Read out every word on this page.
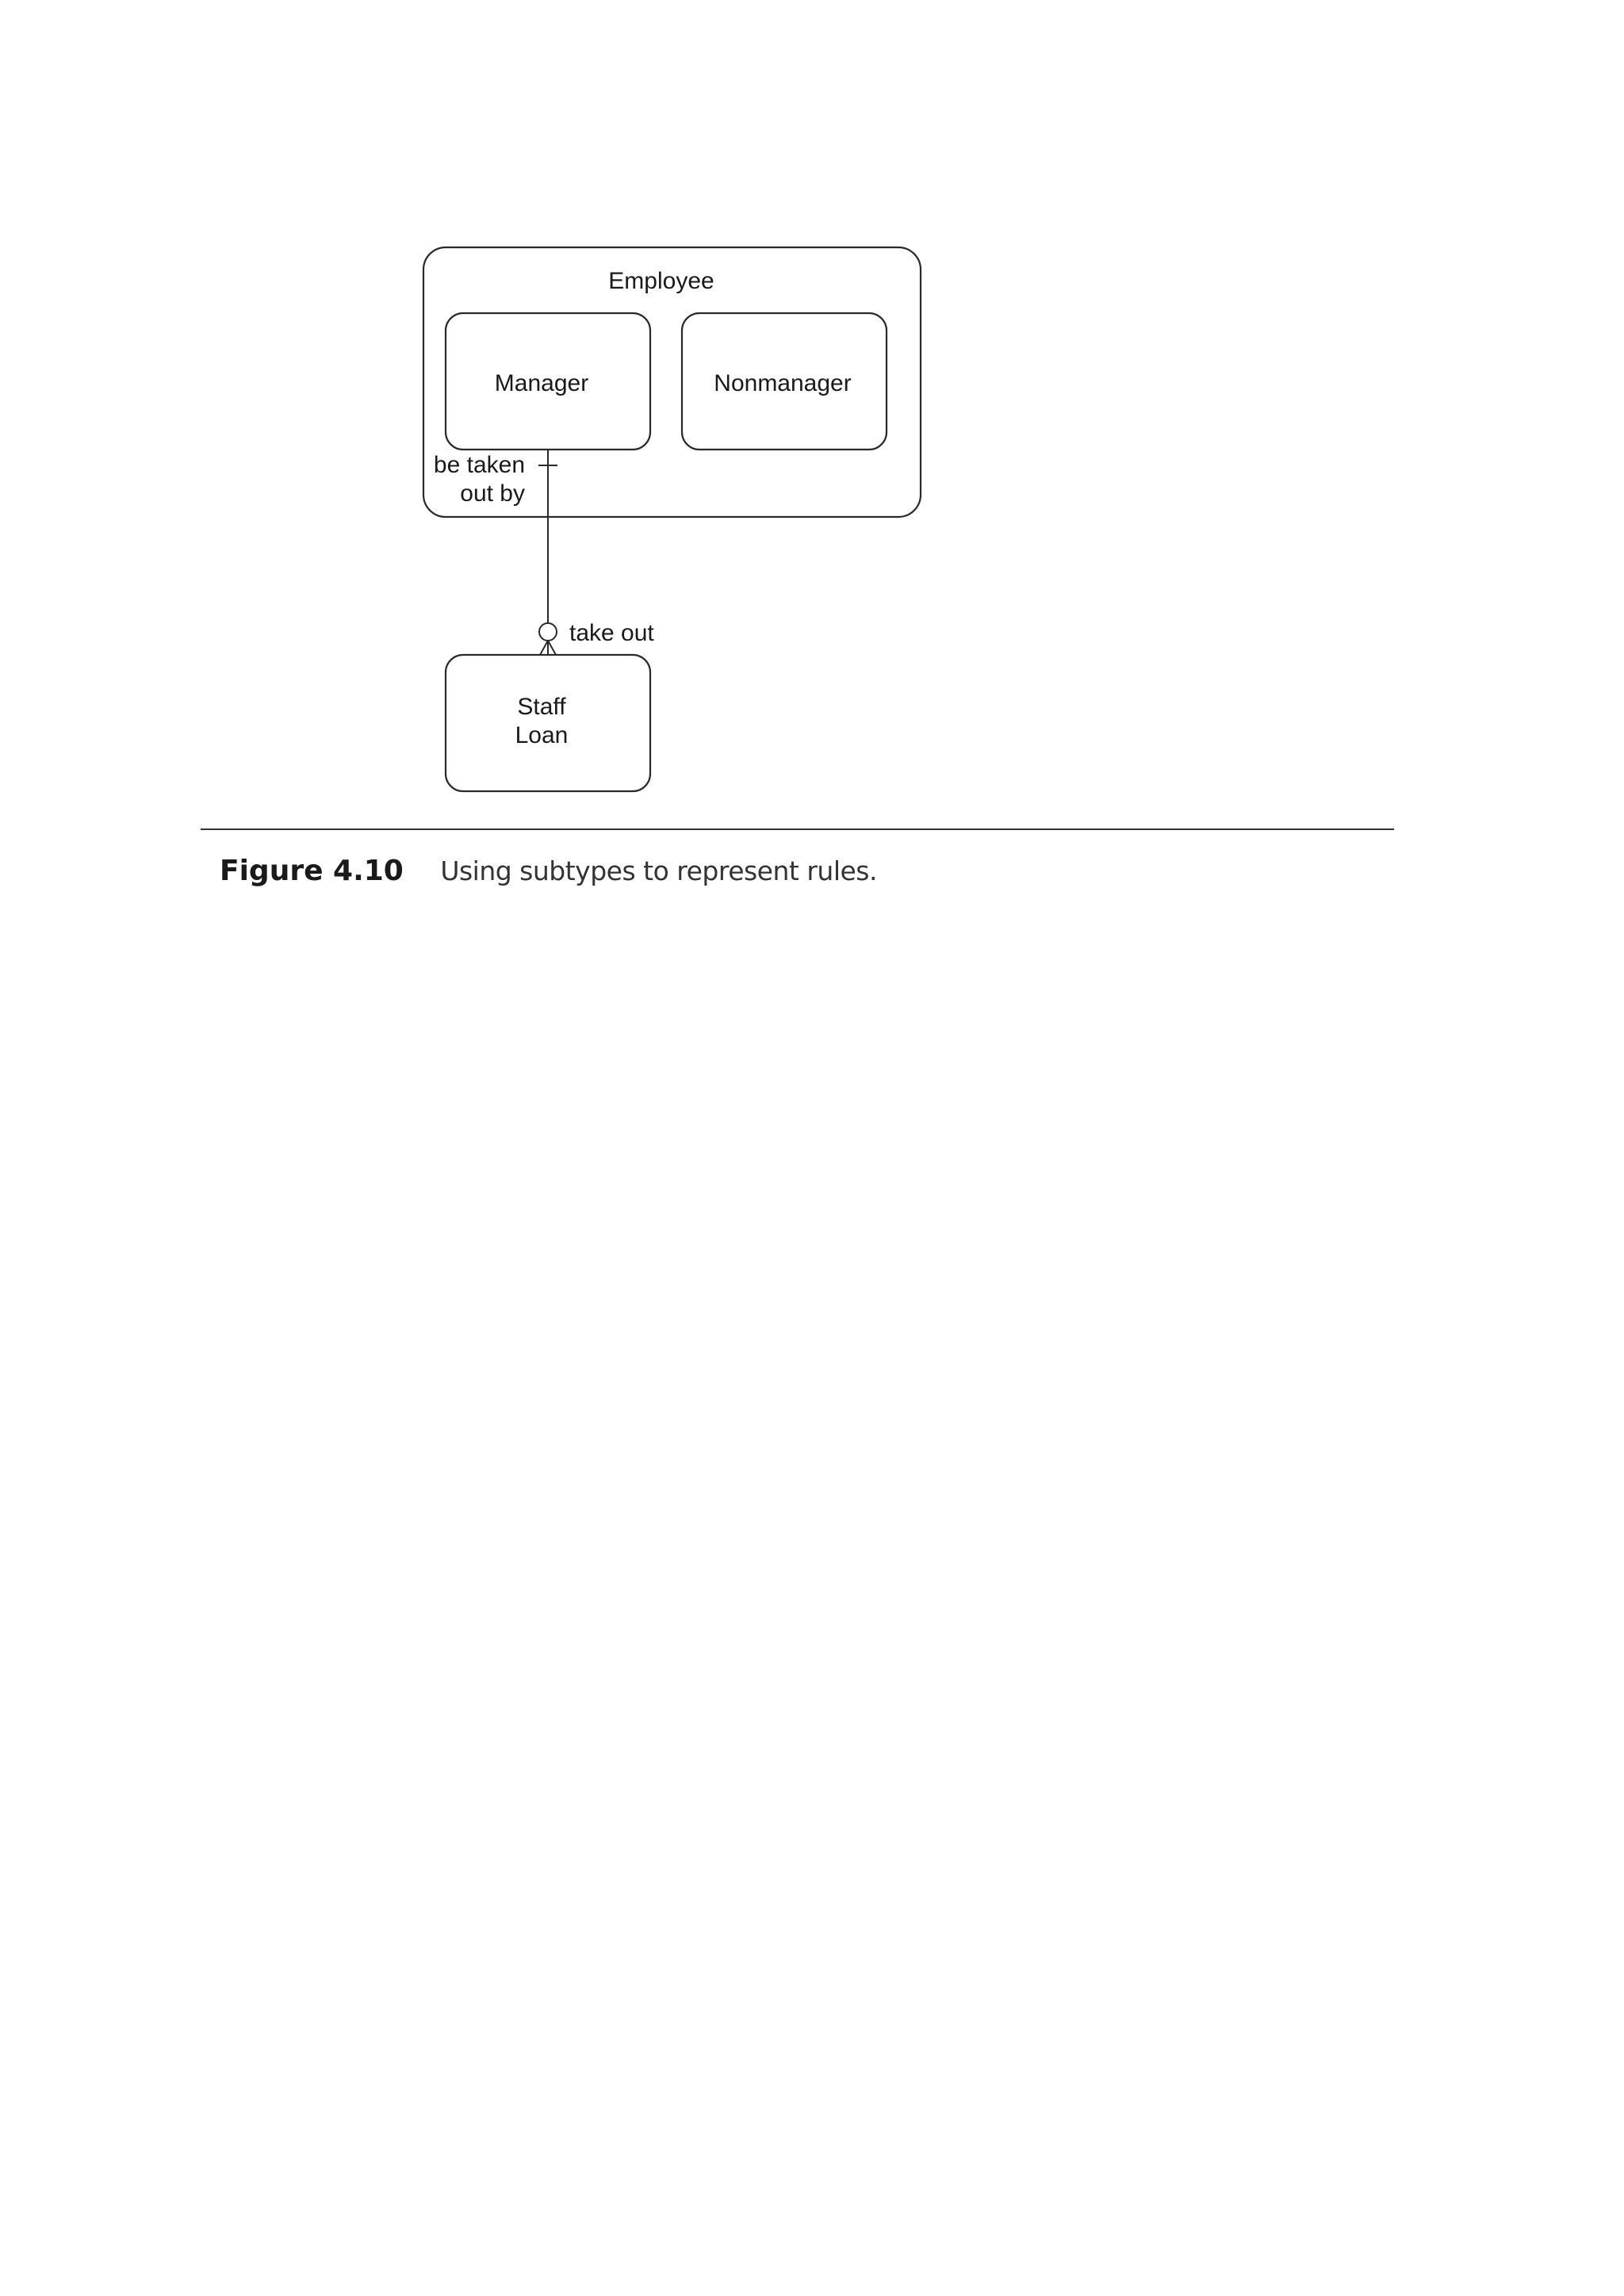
Employee
Manager	Nonmanager
be taken
out by
take out
Staff
Loan
Figure 4.10 Using subtypes to represent rules.
